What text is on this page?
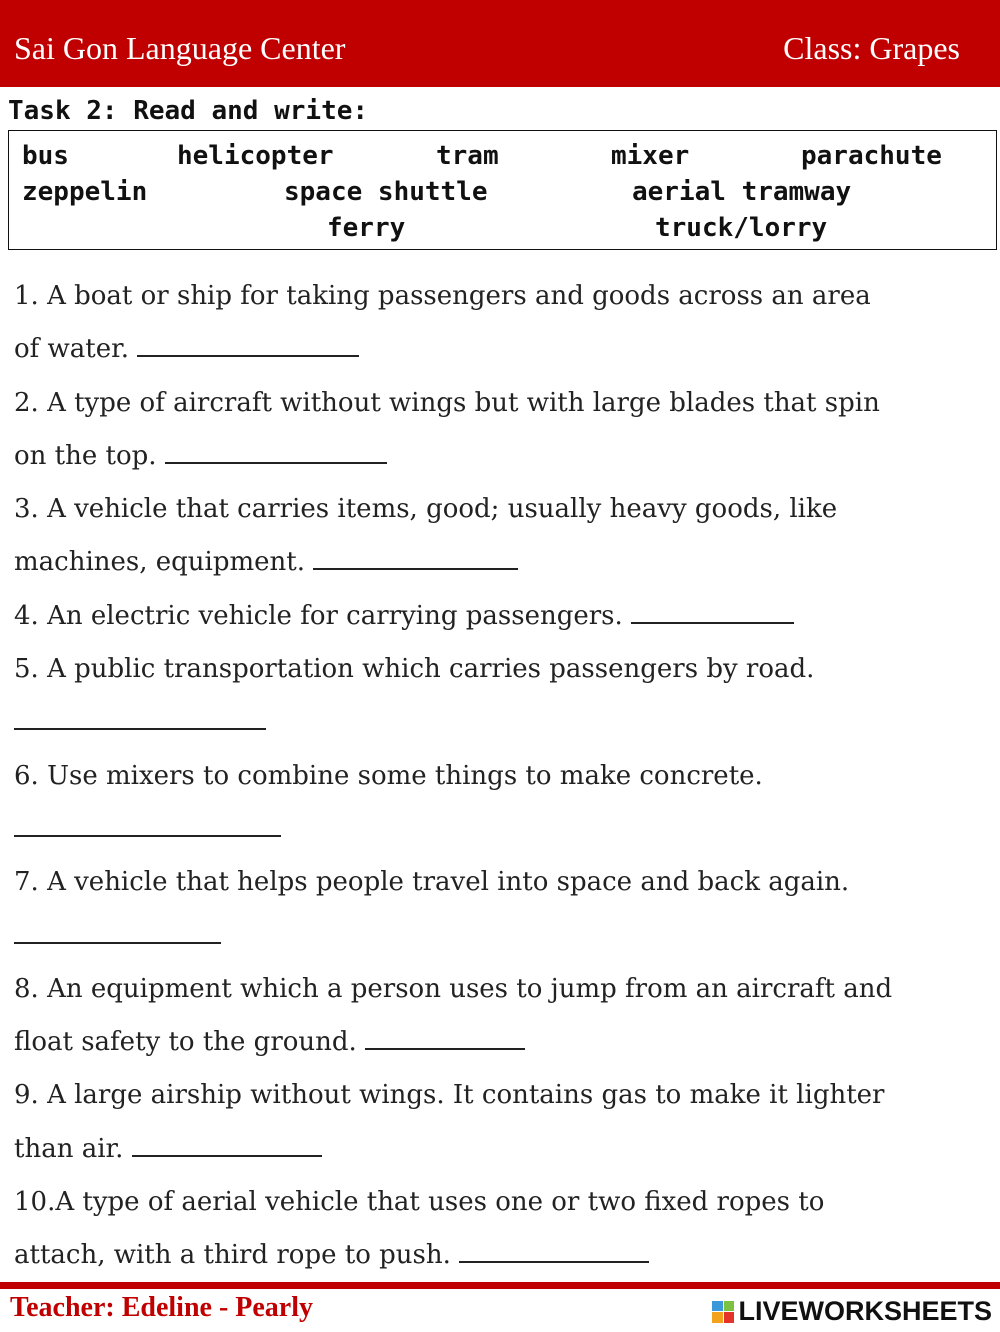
Sai Gon Language Center	Class: Grapes
Task 2: Read and write:
bus	helicopter	tram	mixer	parachute
zeppelin	space shuttle	aerial tramway
ferry	truck/lorry
1. A boat or ship for taking passengers and goods across an area
of water.
2. A type of aircraft without wings but with large blades that spin
on the top.
3. A vehicle that carries items, good; usually heavy goods, like
machines, equipment.
4. An electric vehicle for carrying passengers.
5. A public transportation which carries passengers by road.
6. Use mixers to combine some things to make concrete.
7. A vehicle that helps people travel into space and back again.
8. An equipment which a person uses to jump from an aircraft and
float safety to the ground.
9. A large airship without wings. It contains gas to make it lighter
than air.
10.A type of aerial vehicle that uses one or two fixed ropes to
attach, with a third rope to push.
Teacher: Edeline - Pearly	LIVEWORKSHEETS
